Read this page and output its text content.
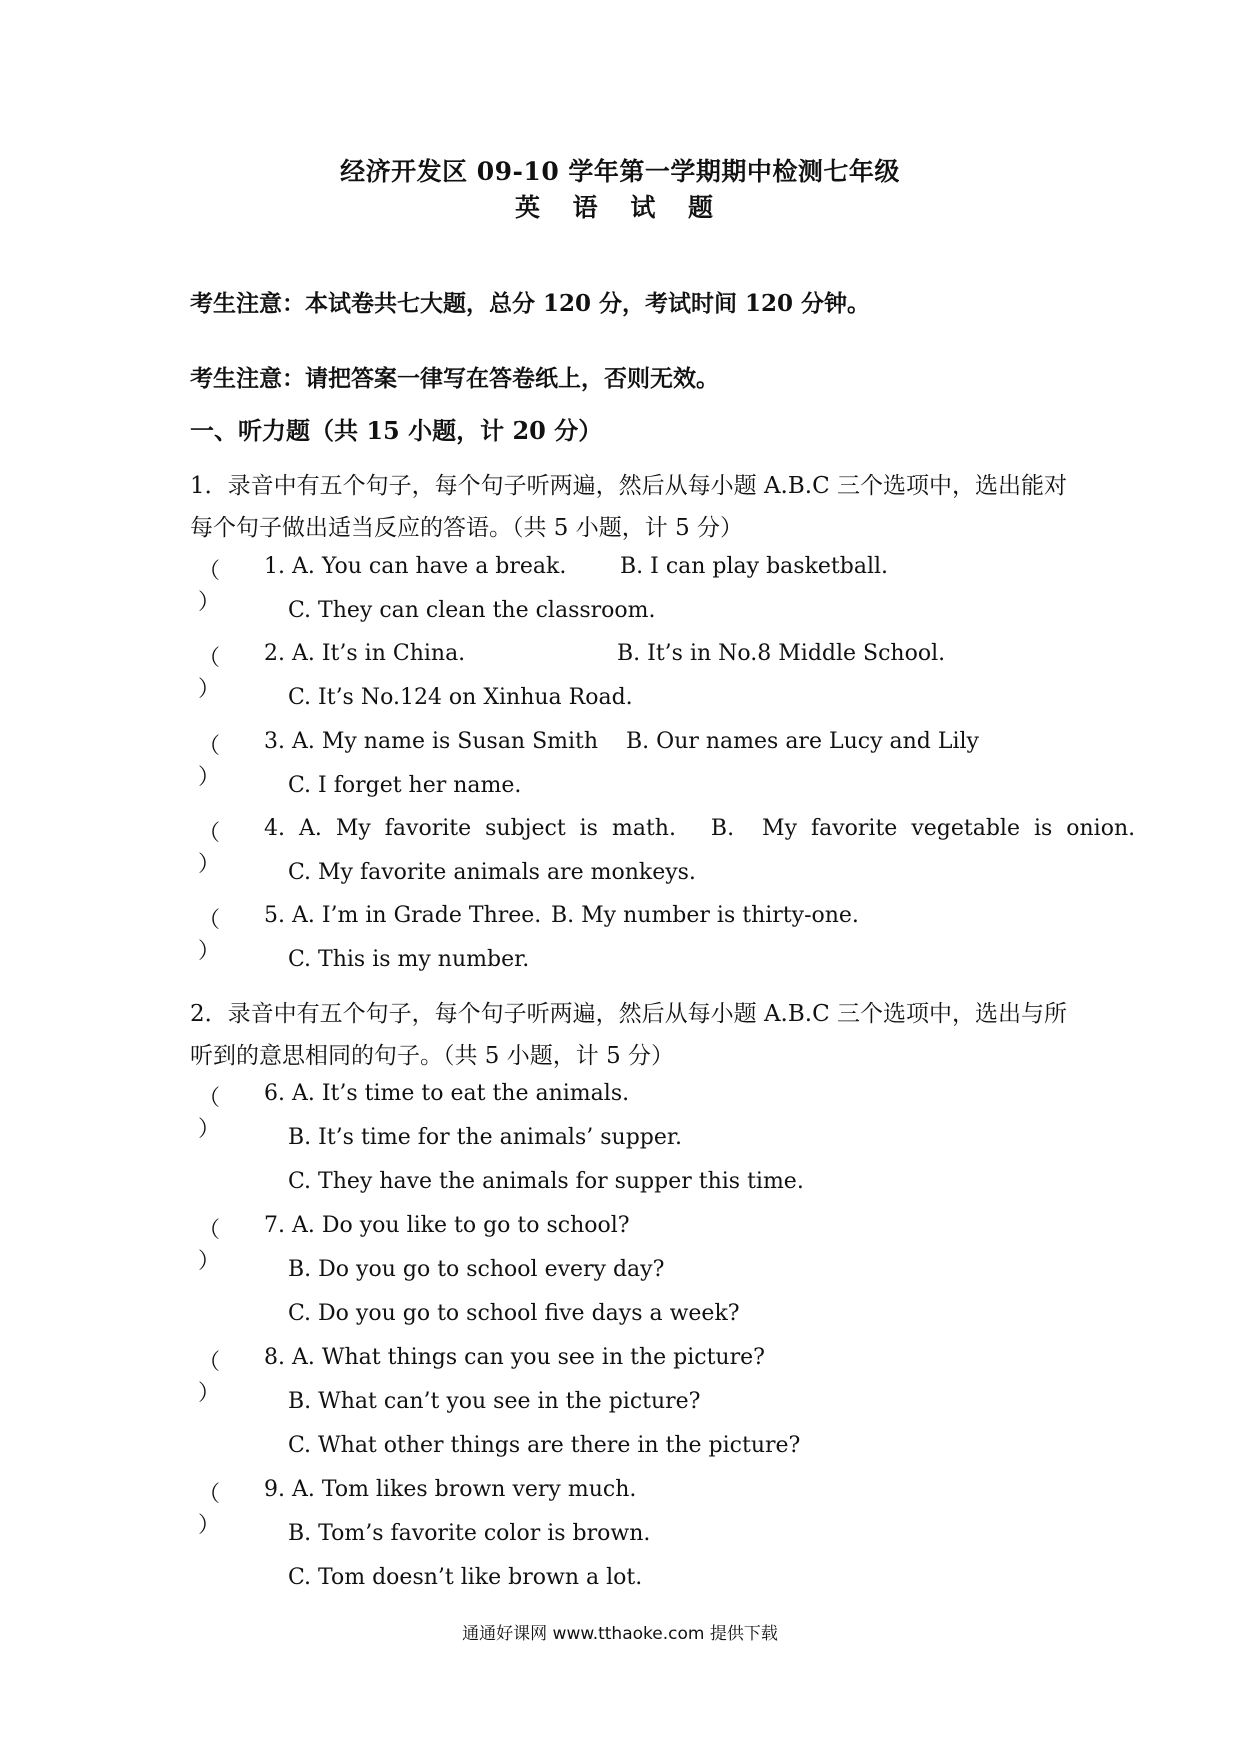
经济开发区 09-10 学年第一学期期中检测七年级
英 语 试 题
考生注意：本试卷共七大题，总分 120 分，考试时间 120 分钟。
考生注意：请把答案一律写在答卷纸上，否则无效。
一、听力题（共 15 小题，计 20 分）
1．录音中有五个句子，每个句子听两遍，然后从每小题 A.B.C 三个选项中，选出能对每个句子做出适当反应的答语。（共 5 小题，计 5 分）
（ ）
1. A. You can have a break. B. I can play basketball.
C. They can clean the classroom.
（ ）
2. A. It’s in China.	B. It’s in No.8 Middle School.
C. It’s No.124 on Xinhua Road.
（ ）
3. A. My name is Susan Smith B. Our names are Lucy and Lily
C. I forget her name.
（ ）
4.  A.  My  favorite  subject  is  math.     B.    My  favorite  vegetable  is  onion.
C. My favorite animals are monkeys.
（ ）
5. A. I’m in Grade Three. B. My number is thirty-one.
C. This is my number.
2．录音中有五个句子，每个句子听两遍，然后从每小题 A.B.C 三个选项中，选出与所听到的意思相同的句子。（共 5 小题，计 5 分）
（ ）
6. A. It’s time to eat the animals.
B. It’s time for the animals’ supper.
C. They have the animals for supper this time.
（ ）
7. A. Do you like to go to school?
B. Do you go to school every day?
C. Do you go to school five days a week?
（ ）
8. A. What things can you see in the picture?
B. What can’t you see in the picture?
C. What other things are there in the picture?
（ ）
9. A. Tom likes brown very much.
B. Tom’s favorite color is brown.
C. Tom doesn’t like brown a lot.
通通好课网 www.tthaoke.com 提供下载
